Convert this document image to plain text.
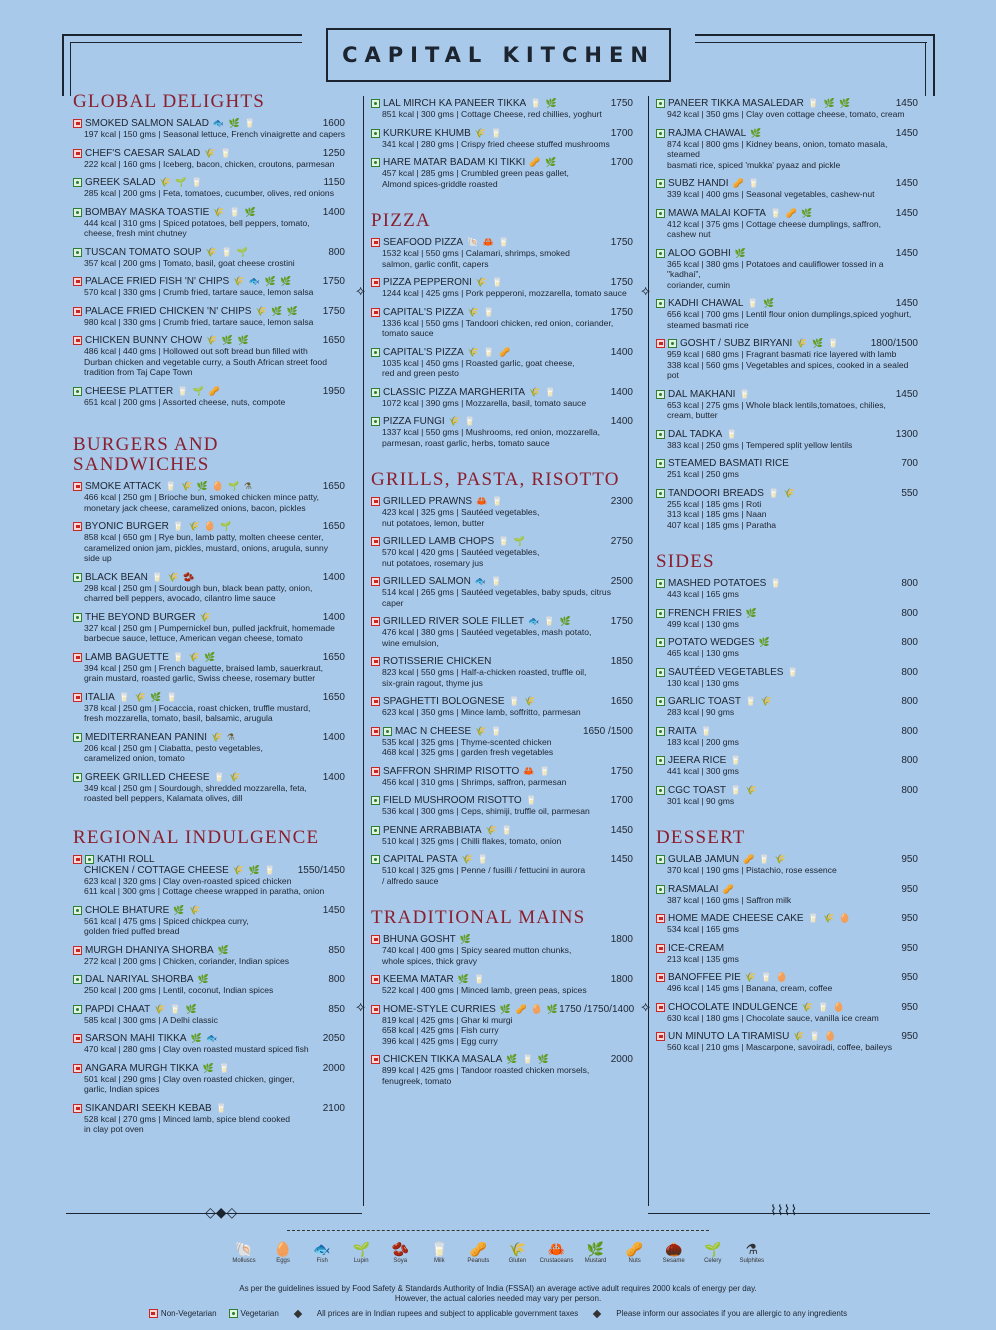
CAPITAL KITCHEN
⟡	⟡
⟡	⟡
GLOBAL DELIGHTS
SMOKED SALMON SALAD 🐟 🌿 🥛	1600
197 kcal | 150 gms | Seasonal lettuce, French vinaigrette and capers
CHEF'S CAESAR SALAD 🌾 🥛	1250
222 kcal | 160 gms | Iceberg, bacon, chicken, croutons, parmesan
GREEK SALAD 🌾 🌱 🥛	1150
285 kcal | 200 gms | Feta, tomatoes, cucumber, olives, red onions
BOMBAY MASKA TOASTIE 🌾 🥛 🌿	1400
444 kcal | 310 gms | Spiced potatoes, bell peppers, tomato,
cheese, fresh mint chutney
TUSCAN TOMATO SOUP 🌾 🥛 🌱	800
357 kcal | 200 gms | Tomato, basil, goat cheese crostini
PALACE FRIED FISH 'N' CHIPS 🌾 🐟 🌿 🌿	1750
570 kcal | 330 gms | Crumb fried, tartare sauce, lemon salsa
PALACE FRIED CHICKEN 'N' CHIPS 🌾 🌿 🌿 1750
980 kcal | 330 gms | Crumb fried, tartare sauce, lemon salsa
CHICKEN BUNNY CHOW 🌾 🌿 🌿	1650
486 kcal | 440 gms | Hollowed out soft bread bun filled with
Durban chicken and vegetable curry, a South African street food
tradition from Taj Cape Town
CHEESE PLATTER 🥛 🌱 🥜	1950
651 kcal | 200 gms | Assorted cheese, nuts, compote
BURGERS AND SANDWICHES
SMOKE ATTACK 🥛 🌾 🌿 🥚 🌱 ⚗	1650
466 kcal | 250 gm | Brioche bun, smoked chicken mince patty,
monetary jack cheese, caramelized onions, bacon, pickles
BYONIC BURGER 🥛 🌾 🥚 🌱	1650
858 kcal | 650 gm | Rye bun, lamb patty, molten cheese center,
caramelized onion jam, pickles, mustard, onions, arugula, sunny side up
BLACK BEAN 🥛 🌾 🫘	1400
298 kcal | 250 gm | Sourdough bun, black bean patty, onion,
charred bell peppers, avocado, cilantro lime sauce
THE BEYOND BURGER 🌾	1400
327 kcal | 250 gm | Pumpernickel bun, pulled jackfruit, homemade
barbecue sauce, lettuce, American vegan cheese, tomato
LAMB BAGUETTE 🥛 🌾 🌿	1650
394 kcal | 250 gm | French baguette, braised lamb, sauerkraut,
grain mustard, roasted garlic, Swiss cheese, rosemary butter
ITALIA 🥛 🌾 🌿 🥛	1650
378 kcal | 250 gm | Focaccia, roast chicken, truffle mustard,
fresh mozzarella, tomato, basil, balsamic, arugula
MEDITERRANEAN PANINI 🌾 ⚗	1400
206 kcal | 250 gm | Ciabatta, pesto vegetables,
caramelized onion, tomato
GREEK GRILLED CHEESE 🥛 🌾	1400
349 kcal | 250 gm | Sourdough, shredded mozzarella, feta,
roasted bell peppers, Kalamata olives, dill
REGIONAL INDULGENCE
KATHI ROLL
CHICKEN / COTTAGE CHEESE 🌾 🌿 🥛 1550/1450
623 kcal | 320 gms | Clay oven-roasted spiced chicken
611 kcal | 300 gms | Cottage cheese wrapped in paratha, onion
CHOLE BHATURE 🌿 🌾	1450
561 kcal | 475 gms | Spiced chickpea curry,
golden fried puffed bread
MURGH DHANIYA SHORBA 🌿	850
272 kcal | 200 gms | Chicken, coriander, Indian spices
DAL NARIYAL SHORBA 🌿	800
250 kcal | 200 gms | Lentil, coconut, Indian spices
PAPDI CHAAT 🌾 🥛 🌿	850
585 kcal | 300 gms | A Delhi classic
SARSON MAHI TIKKA 🌿 🐟	2050
470 kcal | 280 gms | Clay oven roasted mustard spiced fish
ANGARA MURGH TIKKA 🌿 🥛	2000
501 kcal | 290 gms | Clay oven roasted chicken, ginger,
garlic, Indian spices
SIKANDARI SEEKH KEBAB 🥛	2100
528 kcal | 270 gms | Minced lamb, spice blend cooked
in clay pot oven
LAL MIRCH KA PANEER TIKKA 🥛 🌿	1750
851 kcal | 300 gms | Cottage Cheese, red chillies, yoghurt
KURKURE KHUMB 🌾 🥛	1700
341 kcal | 280 gms | Crispy fried cheese stuffed mushrooms
HARE MATAR BADAM KI TIKKI 🥜 🌿	1700
457 kcal | 285 gms | Crumbled green peas gallet,
Almond spices-griddle roasted
PIZZA
SEAFOOD PIZZA 🐚 🦀 🥛	1750
1532 kcal | 550 gms | Calamari, shrimps, smoked
salmon, garlic confit, capers
PIZZA PEPPERONI 🌾 🥛	1750
1244 kcal | 425 gms | Pork pepperoni, mozzarella, tomato sauce
CAPITAL'S PIZZA 🌾 🥛	1750
1336 kcal | 550 gms | Tandoori chicken, red onion, coriander,
tomato sauce
CAPITAL'S PIZZA 🌾 🥛 🥜	1400
1035 kcal | 450 gms | Roasted garlic, goat cheese,
red and green pesto
CLASSIC PIZZA MARGHERITA 🌾 🥛	1400
1072 kcal | 390 gms | Mozzarella, basil, tomato sauce
PIZZA FUNGI 🌾 🥛	1400
1337 kcal | 550 gms | Mushrooms, red onion, mozzarella,
parmesan, roast garlic, herbs, tomato sauce
GRILLS, PASTA, RISOTTO
GRILLED PRAWNS 🦀 🥛	2300
423 kcal | 325 gms | Sautéed vegetables,
nut potatoes, lemon, butter
GRILLED LAMB CHOPS 🥛 🌱	2750
570 kcal | 420 gms | Sautéed vegetables,
nut potatoes, rosemary jus
GRILLED SALMON 🐟 🥛	2500
514 kcal | 265 gms | Sautéed vegetables, baby spuds, citrus caper
GRILLED RIVER SOLE FILLET 🐟 🥛 🌿	1750
476 kcal | 380 gms | Sautéed vegetables, mash potato,
wine emulsion,
ROTISSERIE CHICKEN	1850
823 kcal | 550 gms | Half-a-chicken roasted, truffle oil,
six-grain ragout, thyme jus
SPAGHETTI BOLOGNESE 🥛 🌾	1650
623 kcal | 350 gms | Mince lamb, soffritto, parmesan
MAC N CHEESE 🌾 🥛	1650 /1500
535 kcal | 325 gms | Thyme-scented chicken
468 kcal | 325 gms | garden fresh vegetables
SAFFRON SHRIMP RISOTTO 🦀 🥛	1750
456 kcal | 310 gms | Shrimps, saffron, parmesan
FIELD MUSHROOM RISOTTO 🥛	1700
536 kcal | 300 gms | Ceps, shimiji, truffle oil, parmesan
PENNE ARRABBIATA 🌾 🥛	1450
510 kcal | 325 gms | Chilli flakes, tomato, onion
CAPITAL PASTA 🌾 🥛	1450
510 kcal | 325 gms | Penne / fusilli / fettucini in aurora
/ alfredo sauce
TRADITIONAL MAINS
BHUNA GOSHT 🌿	1800
740 kcal | 400 gms | Spicy seared mutton chunks,
whole spices, thick gravy
KEEMA MATAR 🌿 🥛	1800
522 kcal | 400 gms | Minced lamb, green peas, spices
HOME-STYLE CURRIES 🌿 🥜 🥚 🌿 1750 /1750/1400
819 kcal | 425 gms | Ghar ki murgi
658 kcal | 425 gms | Fish curry
396 kcal | 425 gms | Egg curry
CHICKEN TIKKA MASALA 🌿 🥛 🌿	2000
899 kcal | 425 gms | Tandoor roasted chicken morsels,
fenugreek, tomato
PANEER TIKKA MASALEDAR 🥛 🌿 🌿	1450
942 kcal | 350 gms | Clay oven cottage cheese, tomato, cream
RAJMA CHAWAL 🌿	1450
874 kcal | 800 gms | Kidney beans, onion, tomato masala, steamed
basmati rice, spiced 'mukka' pyaaz and pickle
SUBZ HANDI 🥜 🥛	1450
339 kcal | 400 gms | Seasonal vegetables, cashew-nut
MAWA MALAI KOFTA 🥛 🥜 🌿	1450
412 kcal | 375 gms | Cottage cheese dumplings, saffron,
cashew nut
ALOO GOBHI 🌿	1450
365 kcal | 380 gms | Potatoes and cauliflower tossed in a "kadhai",
coriander, cumin
KADHI CHAWAL 🥛 🌿	1450
656 kcal | 700 gms | Lentil flour onion dumplings,spiced yoghurt,
steamed basmati rice
GOSHT / SUBZ BIRYANI 🌾 🌿 🥛	1800/1500
959 kcal | 680 gms | Fragrant basmati rice layered with lamb
338 kcal | 560 gms | Vegetables and spices, cooked in a sealed pot
DAL MAKHANI 🥛	1450
653 kcal | 275 gms | Whole black lentils,tomatoes, chilies,
cream, butter
DAL TADKA 🥛	1300
383 kcal | 250 gms | Tempered split yellow lentils
STEAMED BASMATI RICE	700
251 kcal | 250 gms
TANDOORI BREADS 🥛 🌾	550
255 kcal | 185 gms | Roti
313 kcal | 185 gms | Naan
407 kcal | 185 gms | Paratha
SIDES
MASHED POTATOES 🥛	800
443 kcal | 165 gms
FRENCH FRIES 🌿	800
499 kcal | 130 gms
POTATO WEDGES 🌿	800
465 kcal | 130 gms
SAUTÉED VEGETABLES 🥛	800
130 kcal | 130 gms
GARLIC TOAST 🥛 🌾	800
283 kcal | 90 gms
RAITA 🥛	800
183 kcal | 200 gms
JEERA RICE 🥛	800
441 kcal | 300 gms
CGC TOAST 🥛 🌾	800
301 kcal | 90 gms
DESSERT
GULAB JAMUN 🥜 🥛 🌾	950
370 kcal | 190 gms | Pistachio, rose essence
RASMALAI 🥜	950
387 kcal | 160 gms | Saffron milk
HOME MADE CHEESE CAKE 🥛 🌾 🥚	950
534 kcal | 165 gms
ICE-CREAM	950
213 kcal | 135 gms
BANOFFEE PIE 🌾 🥛 🥚	950
496 kcal | 145 gms | Banana, cream, coffee
CHOCOLATE INDULGENCE 🌾 🥛 🥚	950
630 kcal | 180 gms | Chocolate sauce, vanilla ice cream
UN MINUTO LA TIRAMISU 🌾 🥛 🥚	950
560 kcal | 210 gms | Mascarpone, savoiradi, coffee, baileys
◇◆◇	⌇⌇⌇⌇
🐚
Molluscs
🥚
Eggs
🐟
Fish
🌱
Lupin
🫘
Soya
🥛
Milk
🥜
Peanuts
🌾
Gluten
🦀
Crustaceans
🌿
Mustard
🥜
Nuts
🌰
Sesame
🌱
Celery
⚗
Sulphites
As per the guidelines issued by Food Safety & Standards Authority of India (FSSAI) an average active adult requires 2000 kcals of energy per day.
However, the actual calories needed may vary per person.
Non-Vegetarian	Vegetarian	All prices are in Indian rupees and subject to applicable government taxes	Please inform our associates if you are allergic to any ingredients
